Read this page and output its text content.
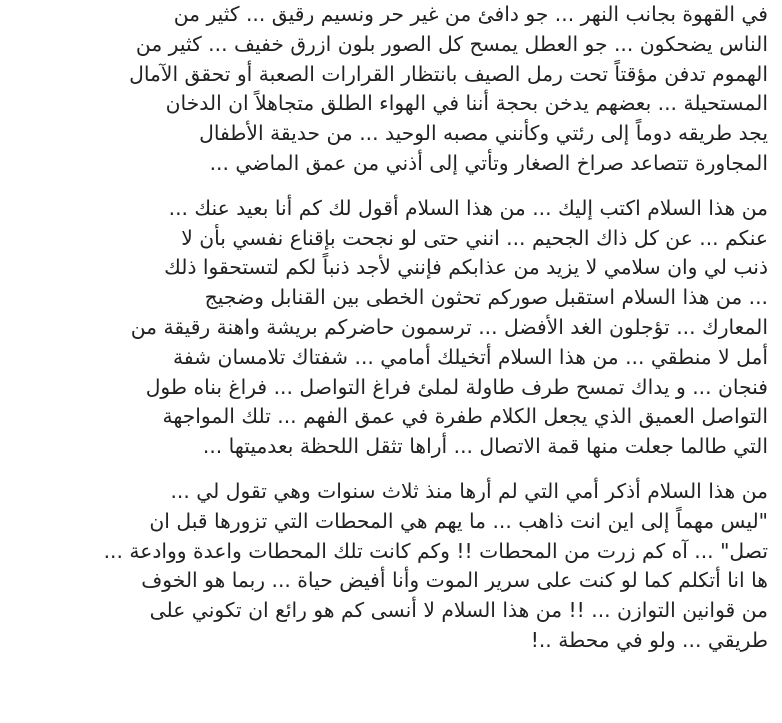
في القهوة بجانب النهر ... جو دافئ من غير حر ونسيم رقيق ... كثير من
الناس يضحكون ... جو العطل يمسح كل الصور بلون ازرق خفيف ... كثير من
الهموم تدفن مؤقتاً تحت رمل الصيف بانتظار القرارات الصعبة أو تحقق الآمال
المستحيلة ... بعضهم يدخن بحجة أننا في الهواء الطلق متجاهلاً ان الدخان
يجد طريقه دوماً إلى رئتي وكأنني مصبه الوحيد ... من حديقة الأطفال
المجاورة تتصاعد صراخ الصغار وتأتي إلى أذني من عمق الماضي ...

من هذا السلام اكتب إليك ... من هذا السلام أقول لك كم أنا بعيد عنك ...
عنكم ... عن كل ذاك الجحيم ... انني حتى لو نجحت بإقناع نفسي بأن لا
ذنب لي وان سلامي لا يزيد من عذابكم فإنني لأجد ذنباً لكم لتستحقوا ذلك
... من هذا السلام استقبل صوركم تحثون الخطى بين القنابل وضجيج
المعارك ... تؤجلون الغد الأفضل ... ترسمون حاضركم بريشة واهنة رقيقة من
أمل لا منطقي ... من هذا السلام أتخيلك أمامي ... شفتاك تلامسان شفة
فنجان ... و يداك تمسح طرف طاولة لملئ فراغ التواصل ... فراغ بناه طول
التواصل العميق الذي يجعل الكلام طفرة في عمق الفهم ... تلك المواجهة
التي طالما جعلت منها قمة الاتصال ... أراها تثقل اللحظة بعدميتها ...

من هذا السلام أذكر أمي التي لم أرها منذ ثلاث سنوات وهي تقول لي ...
"ليس مهماً إلى اين انت ذاهب ... ما يهم هي المحطات التي تزورها قبل ان
تصل" ... آه كم زرت من المحطات !! وكم كانت تلك المحطات واعدة ووادعة ...
ها انا أتكلم كما لو كنت على سرير الموت وأنا أفيض حياة ... ربما هو الخوف
من قوانين التوازن ... !! من هذا السلام لا أنسى كم هو رائع ان تكوني على
طريقي ... ولو في محطة ..!
